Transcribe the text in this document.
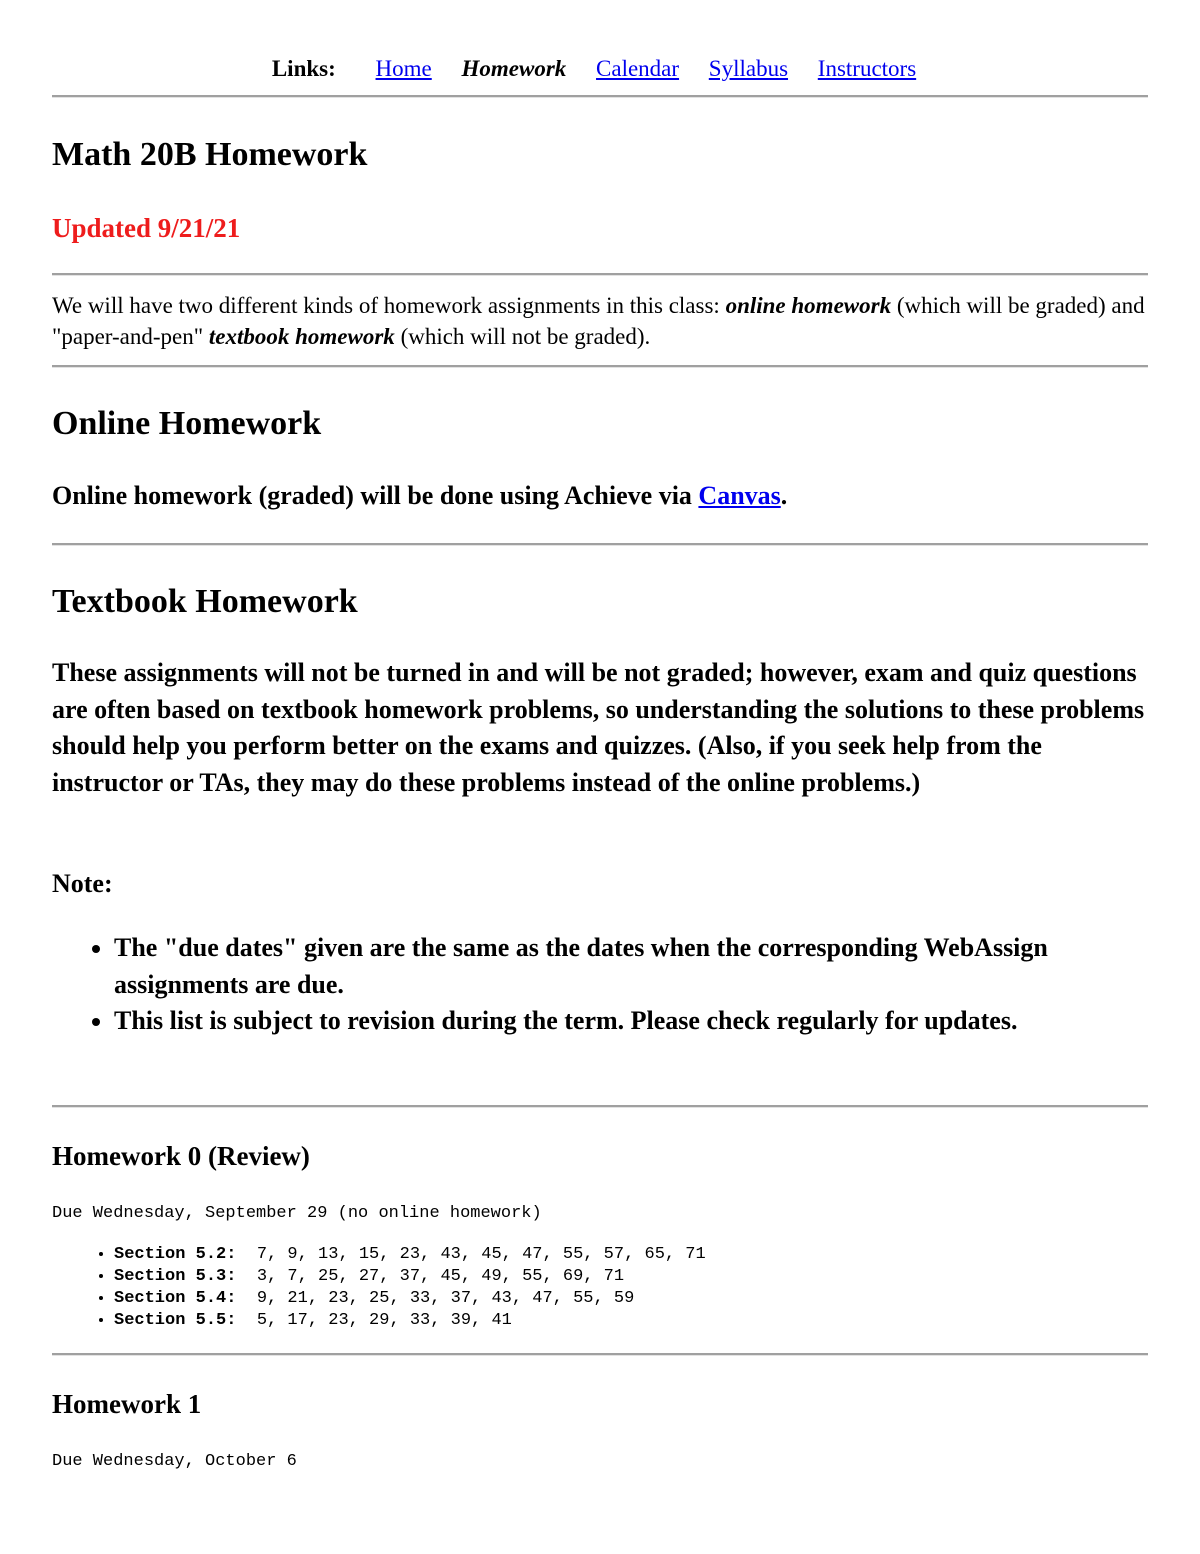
Links: Home Homework Calendar Syllabus Instructors
Math 20B Homework
Updated 9/21/21

We will have two different kinds of homework assignments in this class: online homework (which will be graded) and "paper-and-pen" textbook homework (which will not be graded).

Online Homework

Online homework (graded) will be done using Achieve via Canvas.

Textbook Homework

These assignments will not be turned in and will be not graded; however, exam and quiz questions are often based on textbook homework problems, so understanding the solutions to these problems should help you perform better on the exams and quizzes. (Also, if you seek help from the instructor or TAs, they may do these problems instead of the online problems.)

Note:

• The "due dates" given are the same as the dates when the corresponding WebAssign assignments are due.
• This list is subject to revision during the term. Please check regularly for updates.
Homework 0 (Review)
Due Wednesday, September 29 (no online homework)
• Section 5.2:  7, 9, 13, 15, 23, 43, 45, 47, 55, 57, 65, 71
• Section 5.3:  3, 7, 25, 27, 37, 45, 49, 55, 69, 71
• Section 5.4:  9, 21, 23, 25, 33, 37, 43, 47, 55, 59
• Section 5.5:  5, 17, 23, 29, 33, 39, 41
Homework 1
Due Wednesday, October 6
